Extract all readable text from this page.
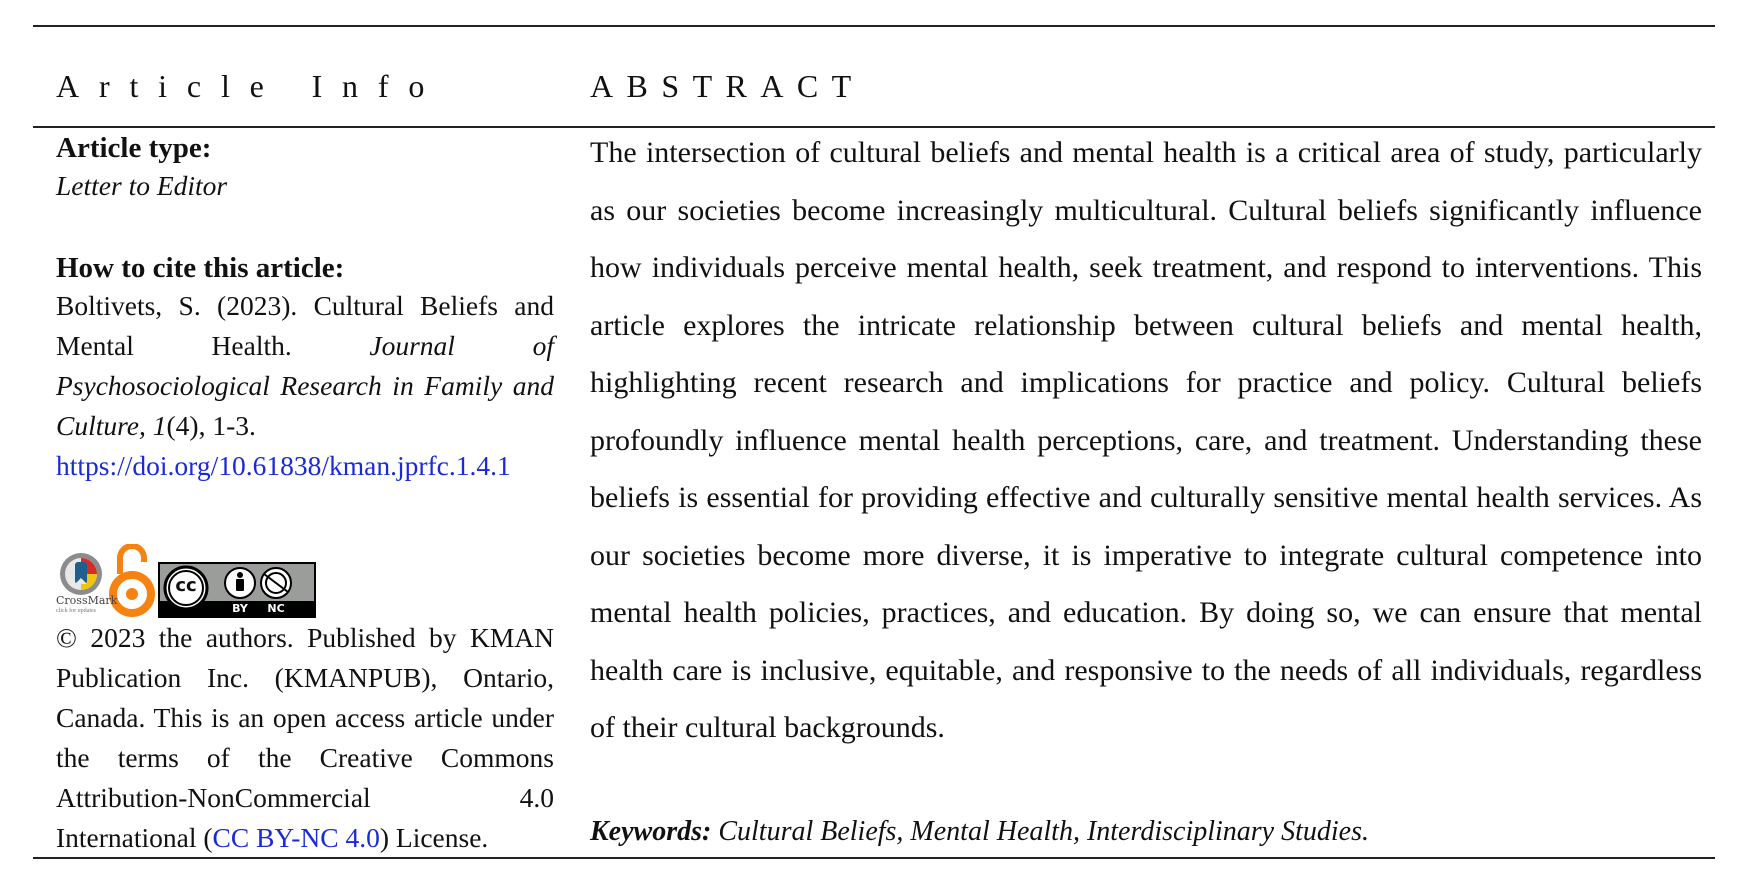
Article Info	ABSTRACT
Article type:
Letter to Editor
How to cite this article:
Boltivets, S. (2023). Cultural Beliefs and Mental Health.	Journal of Psychosociological Research in Family and Culture, 1(4), 1-3.
https://doi.org/10.61838/kman.jprfc.1.4.1
CrossMark
click for updates
cc
BY	NC
© 2023 the authors. Published by KMAN Publication Inc. (KMANPUB), Ontario, Canada. This is an open access article under the terms of the Creative Commons Attribution-NonCommercial 4.0 International (CC BY-NC 4.0) License.
The intersection of cultural beliefs and mental health is a critical area of study, particularly as our societies become increasingly multicultural. Cultural beliefs significantly influence how individuals perceive mental health, seek treatment, and respond to interventions. This article explores the intricate relationship between cultural beliefs and mental health, highlighting recent research and implications for practice and policy. Cultural beliefs profoundly influence mental health perceptions, care, and treatment. Understanding these beliefs is essential for providing effective and culturally sensitive mental health services. As our societies become more diverse, it is imperative to integrate cultural competence into mental health policies, practices, and education. By doing so, we can ensure that mental health care is inclusive, equitable, and responsive to the needs of all individuals, regardless of their cultural backgrounds.
Keywords: Cultural Beliefs, Mental Health, Interdisciplinary Studies.
